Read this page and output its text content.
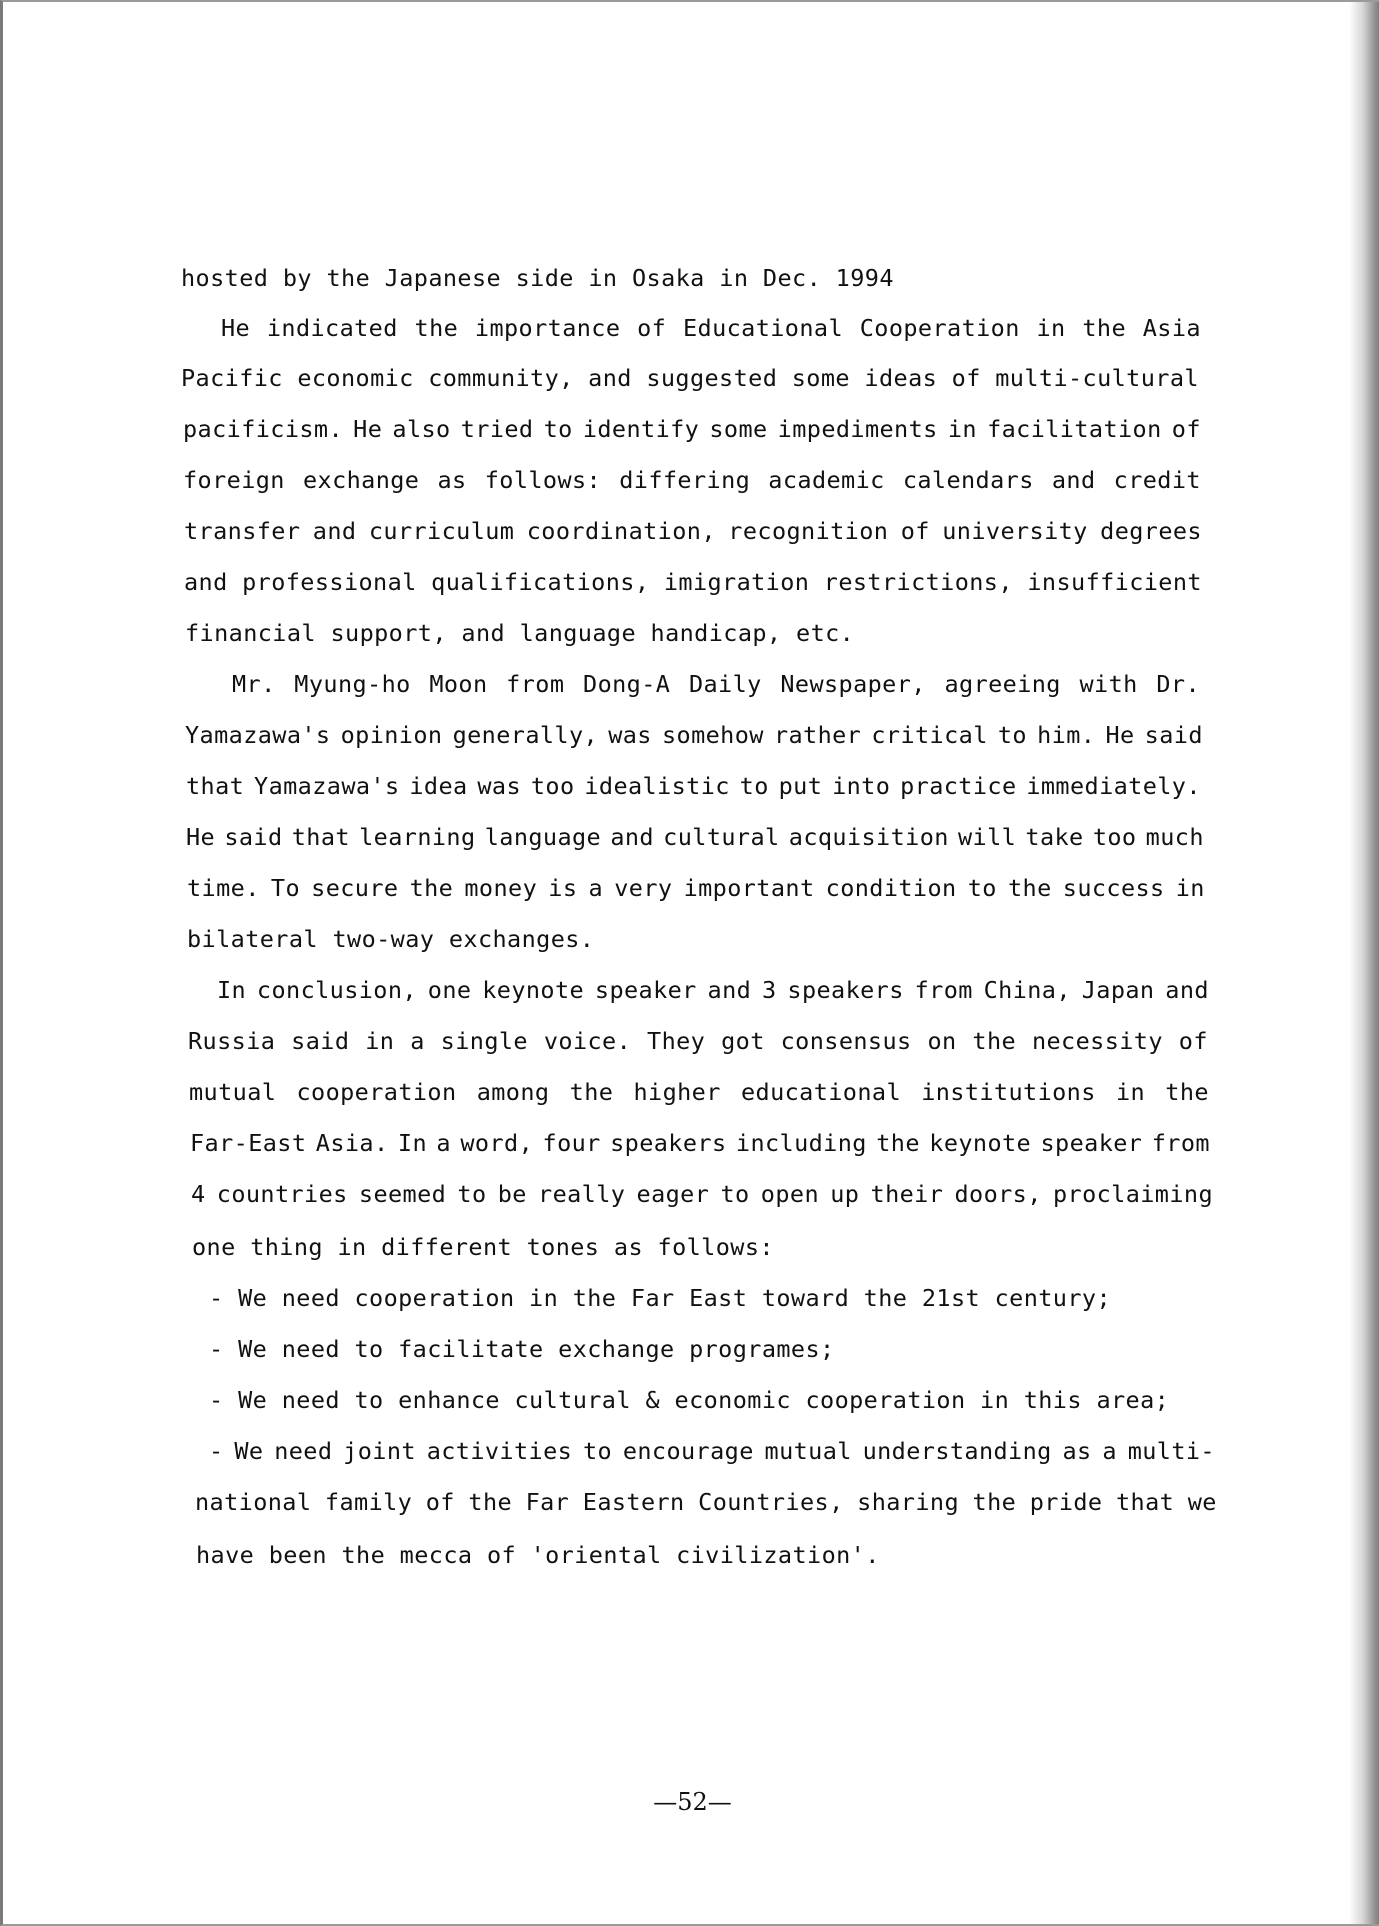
hosted by the Japanese side in Osaka in Dec. 1994
He indicated the importance of Educational Cooperation in the Asia
Pacific economic community, and suggested some ideas of multi-cultural
pacificism. He also tried to identify some impediments in facilitation of
foreign exchange as follows: differing academic calendars and credit
transfer and curriculum coordination, recognition of university degrees
and professional qualifications, imigration restrictions, insufficient
financial support, and language handicap, etc.
Mr. Myung-ho Moon from Dong-A Daily Newspaper, agreeing with Dr.
Yamazawa's opinion generally, was somehow rather critical to him. He said
that Yamazawa's idea was too idealistic to put into practice immediately.
He said that learning language and cultural acquisition will take too much
time. To secure the money is a very important condition to the success in
bilateral two-way exchanges.
In conclusion, one keynote speaker and 3 speakers from China, Japan and
Russia said in a single voice. They got consensus on the necessity of
mutual cooperation among the higher educational institutions in the
Far-East Asia. In a word, four speakers including the keynote speaker from
4 countries seemed to be really eager to open up their doors, proclaiming
one thing in different tones as follows:
- We need cooperation in the Far East toward the 21st century;
- We need to facilitate exchange programes;
- We need to enhance cultural & economic cooperation in this area;
- We need joint activities to encourage mutual understanding as a multi-
national family of the Far Eastern Countries, sharing the pride that we
have been the mecca of 'oriental civilization'.
—52—
